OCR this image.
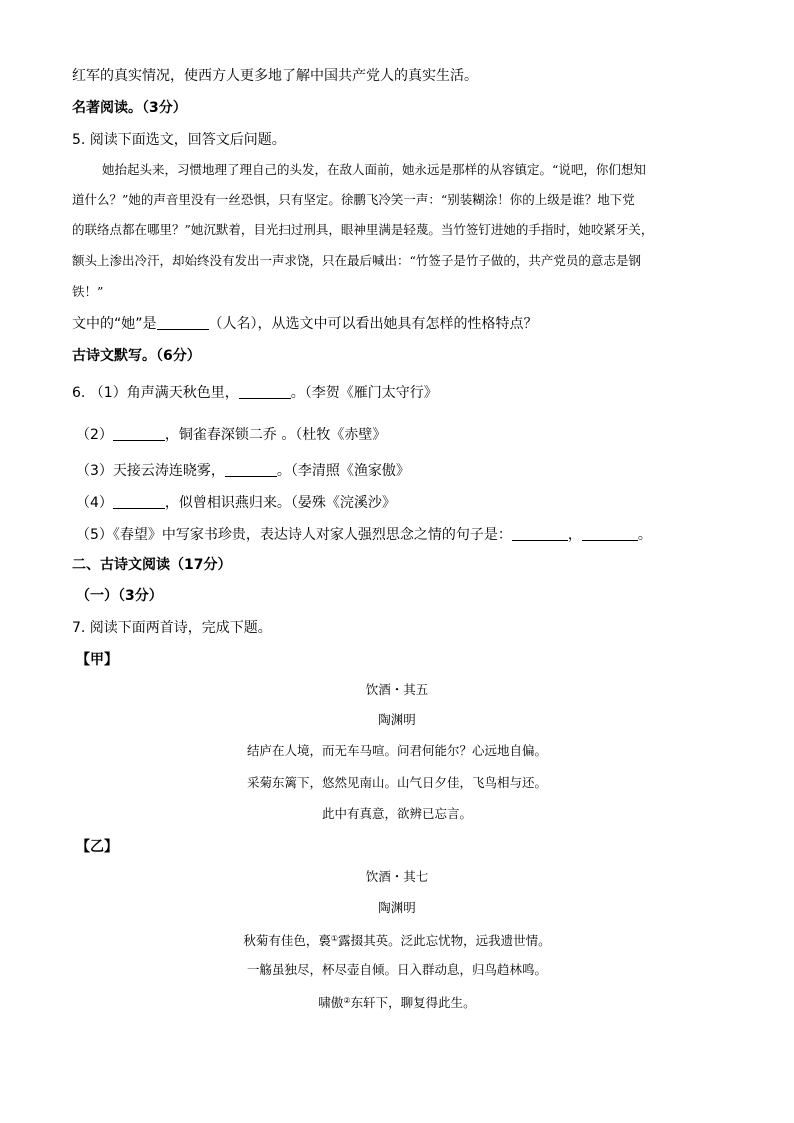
红军的真实情况，使西方人更多地了解中国共产党人的真实生活。
名著阅读。（3分）
5. 阅读下面选文，回答文后问题。
她抬起头来，习惯地理了理自己的头发，在敌人面前，她永远是那样的从容镇定。“说吧，你们想知
道什么？”她的声音里没有一丝恐惧，只有坚定。徐鹏飞冷笑一声：“别装糊涂！你的上级是谁？地下党
的联络点都在哪里？”她沉默着，目光扫过刑具，眼神里满是轻蔑。当竹签钉进她的手指时，她咬紧牙关，
额头上渗出冷汗，却始终没有发出一声求饶，只在最后喊出：“竹签子是竹子做的，共产党员的意志是钢
铁！”
文中的“她”是	（人名），从选文中可以看出她具有怎样的性格特点？
古诗文默写。（6分）
6. （1）角声满天秋色里，	。（李贺《雁门太守行》
（2）	，铜雀春深锁二乔 。（杜牧《赤壁》
（3）天接云涛连晓雾，	。（李清照《渔家傲》
（4）	，似曾相识燕归来。（晏殊《浣溪沙》
（5）《春望》中写家书珍贵，表达诗人对家人强烈思念之情的句子是：	，	。
二、古诗文阅读（17分）
（一）（3分）
7. 阅读下面两首诗，完成下题。
【甲】
饮酒・其五
陶渊明
结庐在人境，而无车马喧。问君何能尔？心远地自偏。
采菊东篱下，悠然见南山。山气日夕佳，飞鸟相与还。
此中有真意，欲辨已忘言。
【乙】
饮酒・其七
陶渊明
秋菊有佳色，裛①露掇其英。泛此忘忧物，远我遗世情。
一觞虽独尽，杯尽壶自倾。日入群动息，归鸟趋林鸣。
啸傲②东轩下，聊复得此生。
